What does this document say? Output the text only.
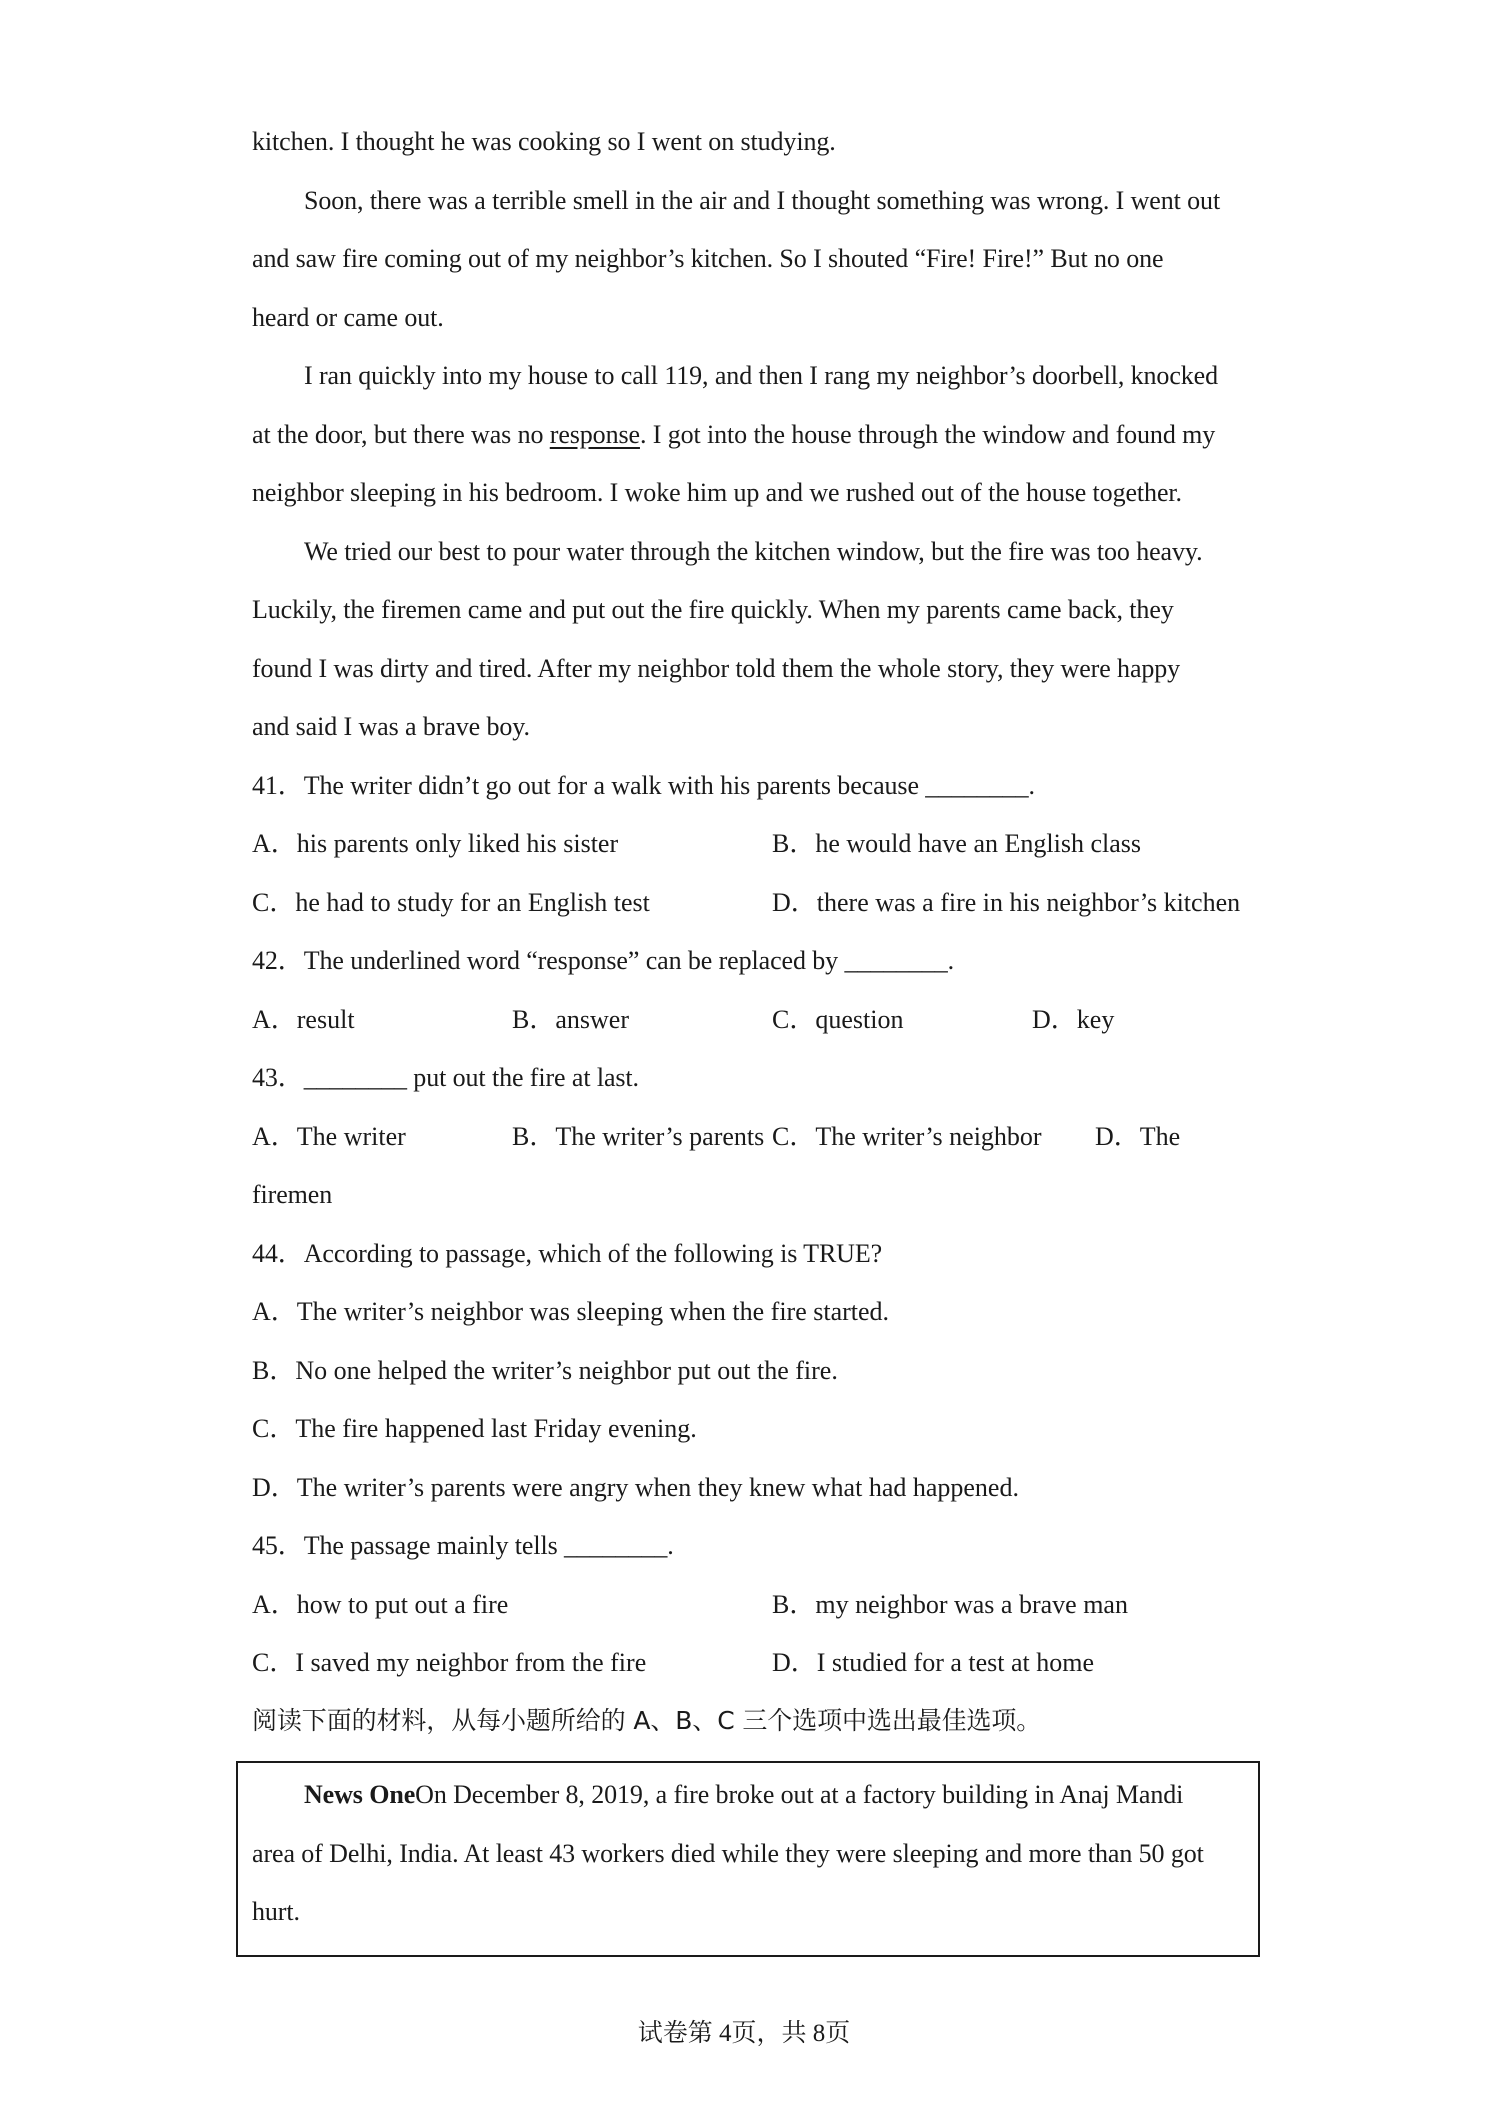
kitchen. I thought he was cooking so I went on studying.
Soon, there was a terrible smell in the air and I thought something was wrong. I went out
and saw fire coming out of my neighbor’s kitchen. So I shouted “Fire! Fire!” But no one
heard or came out.
I ran quickly into my house to call 119, and then I rang my neighbor’s doorbell, knocked
at the door, but there was no response. I got into the house through the window and found my
neighbor sleeping in his bedroom. I woke him up and we rushed out of the house together.
We tried our best to pour water through the kitchen window, but the fire was too heavy.
Luckily, the firemen came and put out the fire quickly. When my parents came back, they
found I was dirty and tired. After my neighbor told them the whole story, they were happy
and said I was a brave boy.
41．The writer didn’t go out for a walk with his parents because ________.
A．his parents only liked his sister	B．he would have an English class
C．he had to study for an English test	D．there was a fire in his neighbor’s kitchen
42．The underlined word “response” can be replaced by ________.
A．result	B．answer	C．question	D．key
43．________ put out the fire at last.
A．The writer	B．The writer’s parents C．The writer’s neighbor D．The
firemen
44．According to passage, which of the following is TRUE?
A．The writer’s neighbor was sleeping when the fire started.
B．No one helped the writer’s neighbor put out the fire.
C．The fire happened last Friday evening.
D．The writer’s parents were angry when they knew what had happened.
45．The passage mainly tells ________.
A．how to put out a fire	B．my neighbor was a brave man
C．I saved my neighbor from the fire	D．I studied for a test at home
阅读下面的材料，从每小题所给的 A、B、C 三个选项中选出最佳选项。
News OneOn December 8, 2019, a fire broke out at a factory building in Anaj Mandi
area of Delhi, India. At least 43 workers died while they were sleeping and more than 50 got
hurt.
试卷第 4页，共 8页
